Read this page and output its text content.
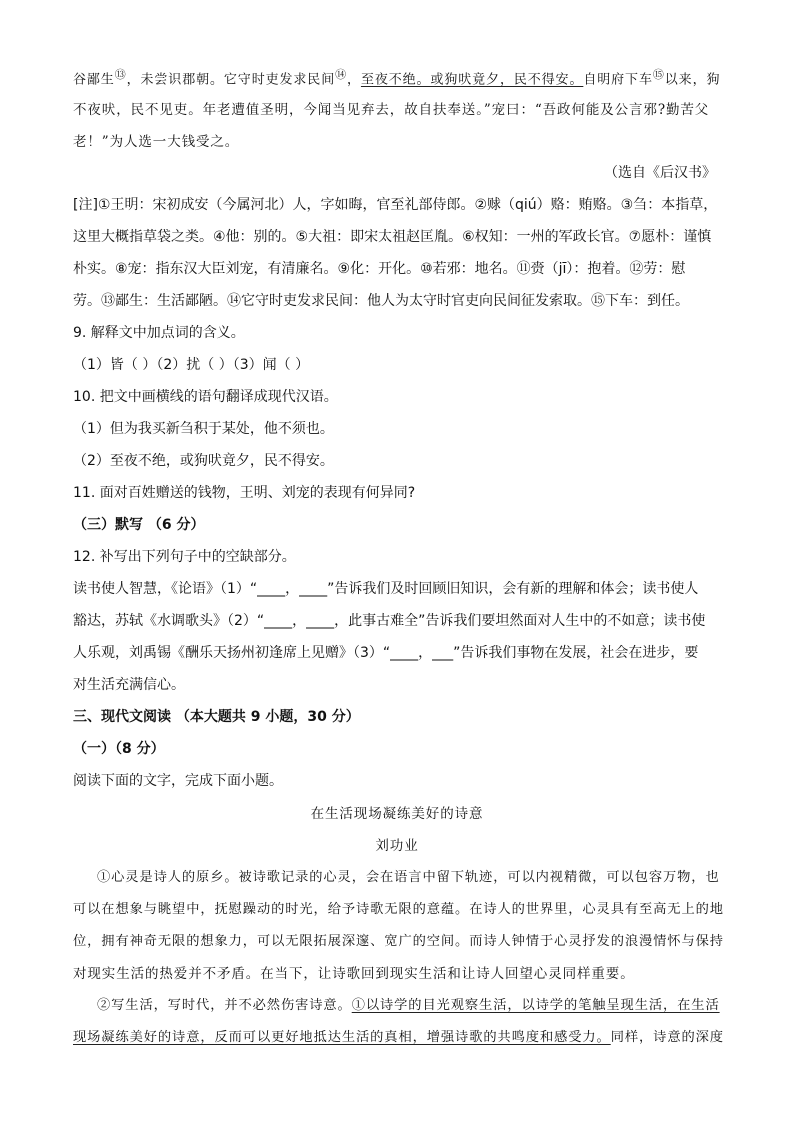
谷鄙生⑬，未尝识郡朝。它守时吏发求民间⑭，至夜不绝。或狗吠竟夕，民不得安。自明府下车⑮以来，狗
不夜吠，民不见吏。年老遭值圣明，今闻当见弃去，故自扶奉送。”宠曰：“吾政何能及公言邪?勤苦父
老！”为人选一大钱受之。
（选自《后汉书》
[注]①王明：宋初成安（今属河北）人，字如晦，官至礼部侍郎。②赇（qiú）赂：贿赂。③刍：本指草，
这里大概指草袋之类。④他：别的。⑤大祖：即宋太祖赵匡胤。⑥权知：一州的军政长官。⑦愿朴：谨慎
朴实。⑧宠：指东汉大臣刘宠，有清廉名。⑨化：开化。⑩若邪：地名。⑪赍（jī）：抱着。⑫劳：慰
劳。⑬鄙生：生活鄙陋。⑭它守时吏发求民间：他人为太守时官吏向民间征发索取。⑮下车：到任。
9. 解释文中加点词的含义。
（1）皆（ ）（2）扰（ ）（3）闻（ ）
10. 把文中画横线的语句翻译成现代汉语。
（1）但为我买新刍积于某处，他不须也。
（2）至夜不绝，或狗吠竟夕，民不得安。
11. 面对百姓赠送的钱物，王明、刘宠的表现有何异同?
（三）默写 （6 分）
12. 补写出下列句子中的空缺部分。
读书使人智慧，《论语》（1）“____，____”告诉我们及时回顾旧知识，会有新的理解和体会；读书使人
豁达，苏轼《水调歌头》（2）“____，____，此事古难全”告诉我们要坦然面对人生中的不如意；读书使
人乐观，刘禹锡《酬乐天扬州初逢席上见赠》（3）“____，___”告诉我们事物在发展，社会在进步，要
对生活充满信心。
三、现代文阅读 （本大题共 9 小题，30 分）
（一）（8 分）
阅读下面的文字，完成下面小题。
在生活现场凝练美好的诗意
刘功业
①心灵是诗人的原乡。被诗歌记录的心灵，会在语言中留下轨迹，可以内视精微，可以包容万物，也
可以在想象与眺望中，抚慰躁动的时光，给予诗歌无限的意蕴。在诗人的世界里，心灵具有至高无上的地
位，拥有神奇无限的想象力，可以无限拓展深邃、宽广的空间。而诗人钟情于心灵抒发的浪漫情怀与保持
对现实生活的热爱并不矛盾。在当下，让诗歌回到现实生活和让诗人回望心灵同样重要。
②写生活，写时代，并不必然伤害诗意。①以诗学的目光观察生活，以诗学的笔触呈现生活，在生活
现场凝练美好的诗意，反而可以更好地抵达生活的真相，增强诗歌的共鸣度和感受力。同样，诗意的深度
